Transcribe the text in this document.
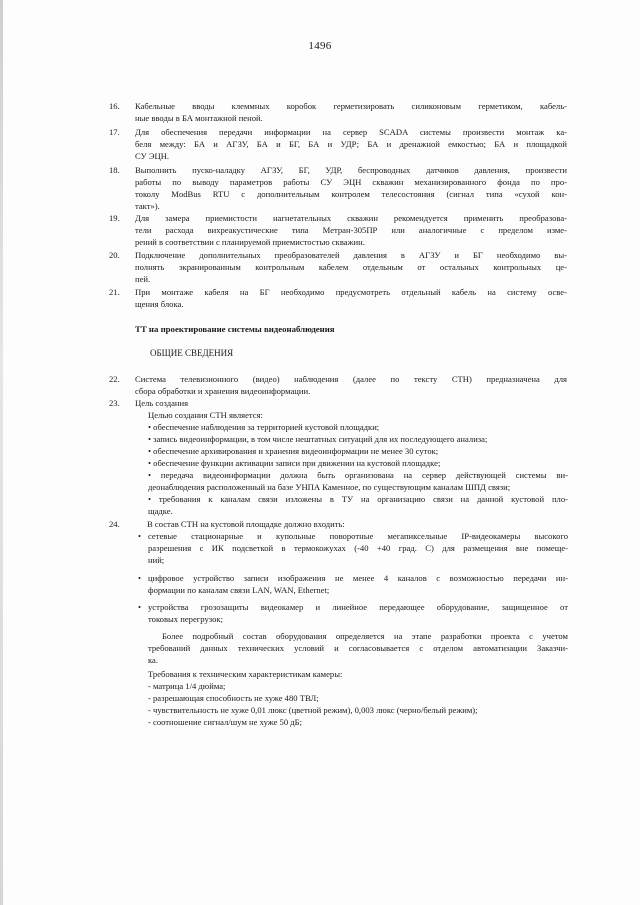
1496
16. Кабельные вводы клеммных коробок герметизировать силиконовым герметиком, кабель-
ные вводы в БА монтажной пеной.
17. Для обеспечения передачи информации на сервер SCADA системы произвести монтаж ка-
беля между: БА и АГЗУ, БА и БГ, БА и УДР; БА и дренажной емкостью; БА и площадкой
СУ ЭЦН.
18. Выполнить пуско-наладку АГЗУ, БГ, УДР, беспроводных датчиков давления, произвести
работы по выводу параметров работы СУ ЭЦН скважин механизированного фонда по про-
токолу ModBus RTU с дополнительным контролем телесостояния (сигнал типа «сухой кон-
такт»).
19. Для замера приемистости нагнетательных скважин рекомендуется применить преобразова-
тели расхода вихреакустические типа Метран-305ПР или аналогичные с пределом измe-
рений в соответствии с планируемой приемистостью скважин.
20. Подключение дополнительных преобразователей давления в АГЗУ и БГ необходимо вы-
полнять экранированным контрольным кабелем отдельным от остальных контрольных це-
пей.
21. При монтаже кабеля на БГ необходимо предусмотреть отдельный кабель на систему осве-
щения блока.
ТТ на проектирование системы видеонаблюдения
ОБЩИЕ СВЕДЕНИЯ
22. Система телевизионного (видео) наблюдения (далее по тексту СТН) предназначена для
сбора обработки и хранения видеоинформации.
23. Цель создания
Целью создания СТН является:
• обеспечение наблюдения за территорией кустовой площадки;
• запись видеоинформации, в том числе нештатных ситуаций для их последующего анализа;
• обеспечение архивирования и хранения видеоинформации не менее 30 суток;
• обеспечение функции активации записи при движении на кустовой площадке;
• передача видеоинформации должна быть организована на сервер действующей системы ви-
деонаблюдения расположенный на базе УНПА Каменное, по существующим каналам ШПД связи;
• требования к каналам связи изложены в ТУ на организацию связи на данной кустовой пло-
щадке.
24.	В состав СТН на кустовой площадке должно входить:
• сетевые стационарные и купольные поворотные мегапиксельные IP-видеокамеры высокого
разрешения с ИК подсветкой в термокожухах (-40 +40 град. С) для размещения вне помеще-
ний;
• цифровое устройство записи изображения не менее 4 каналов с возможностью передачи ин-
формации по каналам связи LAN, WAN, Ethernet;
• устройства грозозащиты видеокамер и линейное передающее оборудование, защищенное от
токовых перегрузок;
Более подробный состав оборудования определяется на этапе разработки проекта с учетом
требований данных технических условий и согласовывается с отделом автоматизации Заказчи-
ка.
Требования к техническим характеристикам камеры:
- матрица 1/4 дюйма;
- разрешающая способность не хуже 480 ТВЛ;
- чувствительность не хуже 0,01 люкс (цветной режим), 0,003 люкс (черно/белый режим);
- соотношение сигнал/шум не хуже 50 дБ;
